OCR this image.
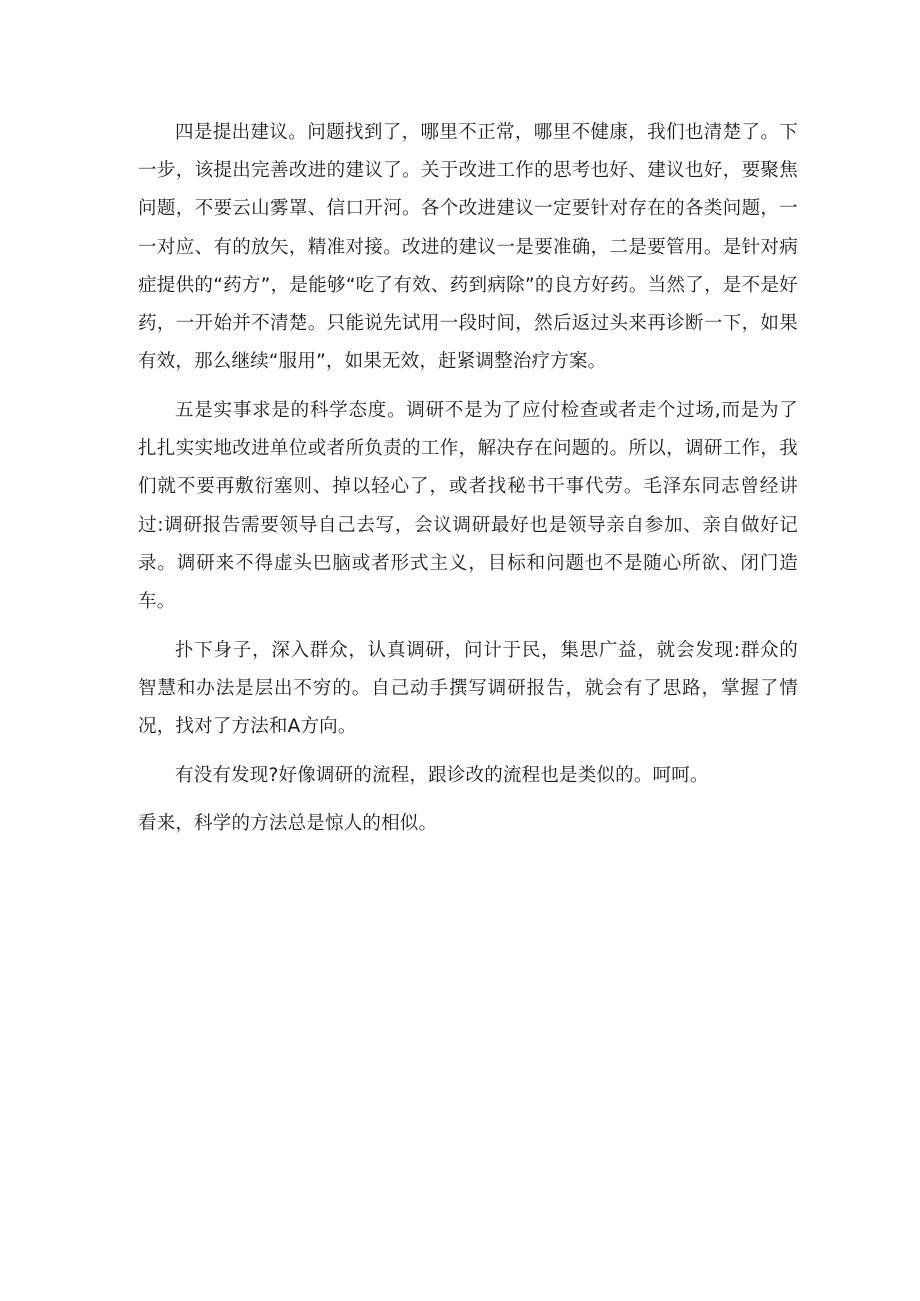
四是提出建议。问题找到了，哪里不正常，哪里不健康，我们也清楚了。下一步，该提出完善改进的建议了。关于改进工作的思考也好、建议也好，要聚焦问题，不要云山雾罩、信口开河。各个改进建议一定要针对存在的各类问题，一一对应、有的放矢，精准对接。改进的建议一是要准确，二是要管用。是针对病症提供的“药方”，是能够“吃了有效、药到病除”的良方好药。当然了，是不是好药，一开始并不清楚。只能说先试用一段时间，然后返过头来再诊断一下，如果有效，那么继续“服用”，如果无效，赶紧调整治疗方案。

五是实事求是的科学态度。调研不是为了应付检查或者走个过场,而是为了扎扎实实地改进单位或者所负责的工作，解决存在问题的。所以，调研工作，我们就不要再敷衍塞则、掉以轻心了，或者找秘书干事代劳。毛泽东同志曾经讲过:调研报告需要领导自己去写，会议调研最好也是领导亲自参加、亲自做好记录。调研来不得虚头巴脑或者形式主义，目标和问题也不是随心所欲、闭门造车。

扑下身子，深入群众，认真调研，问计于民，集思广益，就会发现:群众的智慧和办法是层出不穷的。自己动手撰写调研报告，就会有了思路，掌握了情况，找对了方法和A方向。

有没有发现?好像调研的流程，跟诊改的流程也是类似的。呵呵。

看来，科学的方法总是惊人的相似。
